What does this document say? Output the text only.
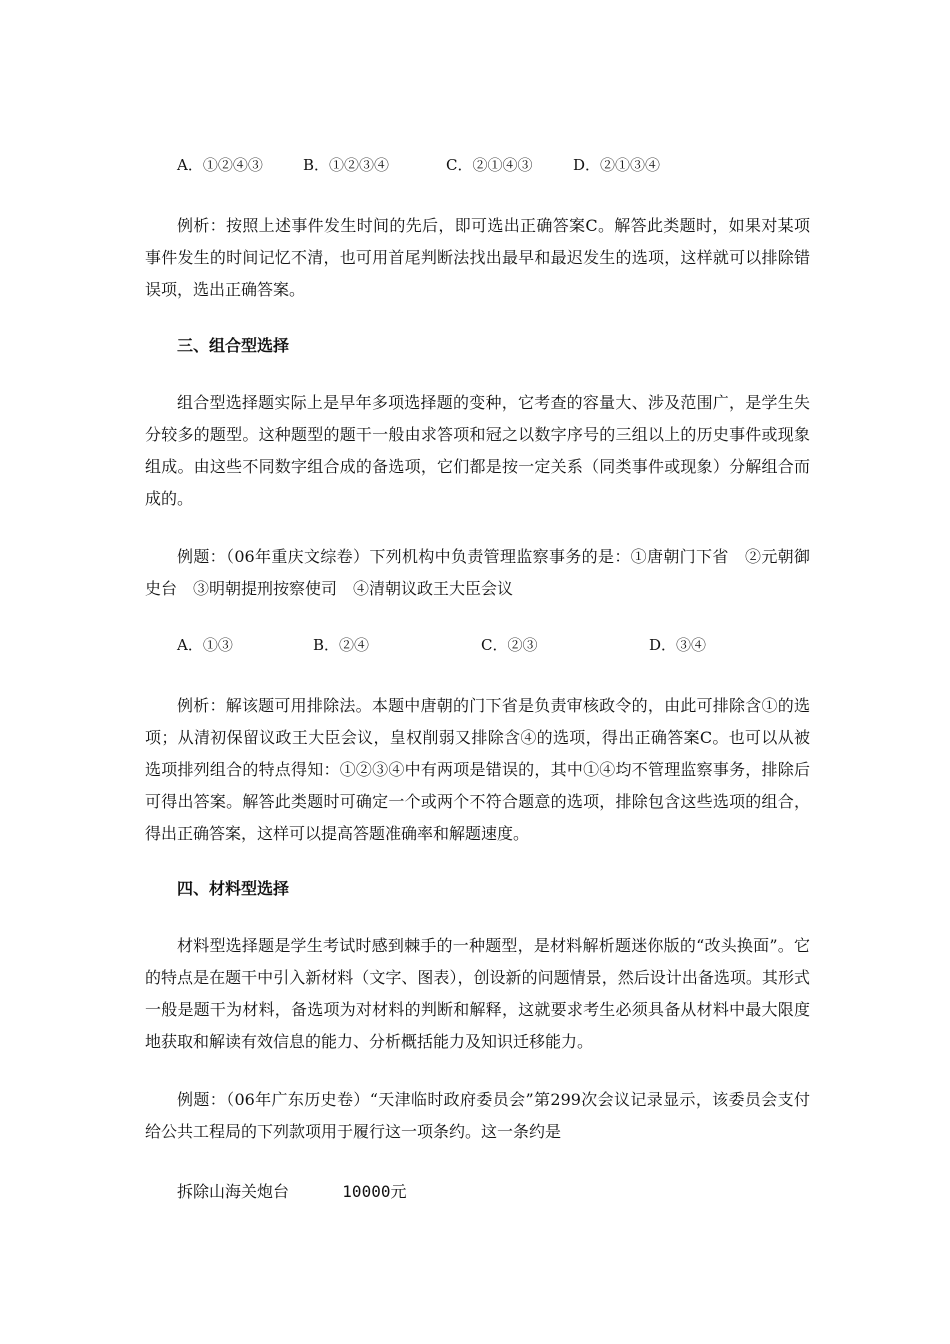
A．①②④③	B．①②③④	C．②①④③	D．②①③④
例析：按照上述事件发生时间的先后，即可选出正确答案C。解答此类题时，如果对某项事件发生的时间记忆不清，也可用首尾判断法找出最早和最迟发生的选项，这样就可以排除错误项，选出正确答案。
三、组合型选择
组合型选择题实际上是早年多项选择题的变种，它考查的容量大、涉及范围广，是学生失分较多的题型。这种题型的题干一般由求答项和冠之以数字序号的三组以上的历史事件或现象组成。由这些不同数字组合成的备选项，它们都是按一定关系（同类事件或现象）分解组合而成的。
例题：（06年重庆文综卷）下列机构中负责管理监察事务的是：①唐朝门下省　②元朝御史台　③明朝提刑按察使司　④清朝议政王大臣会议
A．①③	B．②④	C．②③	D．③④
例析：解该题可用排除法。本题中唐朝的门下省是负责审核政令的，由此可排除含①的选项；从清初保留议政王大臣会议，皇权削弱又排除含④的选项，得出正确答案C。也可以从被选项排列组合的特点得知：①②③④中有两项是错误的，其中①④均不管理监察事务，排除后可得出答案。解答此类题时可确定一个或两个不符合题意的选项，排除包含这些选项的组合，得出正确答案，这样可以提高答题准确率和解题速度。
四、材料型选择
材料型选择题是学生考试时感到棘手的一种题型，是材料解析题迷你版的“改头换面”。它的特点是在题干中引入新材料（文字、图表），创设新的问题情景，然后设计出备选项。其形式一般是题干为材料，备选项为对材料的判断和解释，这就要求考生必须具备从材料中最大限度地获取和解读有效信息的能力、分析概括能力及知识迁移能力。
例题：（06年广东历史卷）“天津临时政府委员会”第299次会议记录显示，该委员会支付给公共工程局的下列款项用于履行这一项条约。这一条约是
拆除山海关炮台	10000元
